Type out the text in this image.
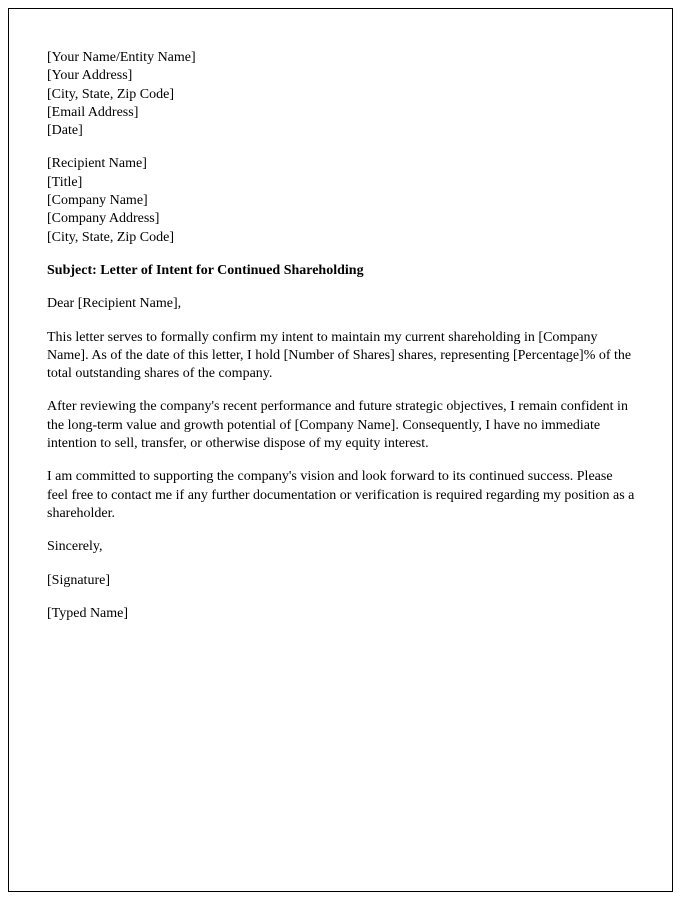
[Your Name/Entity Name]
[Your Address]
[City, State, Zip Code]
[Email Address]
[Date]
[Recipient Name]
[Title]
[Company Name]
[Company Address]
[City, State, Zip Code]
Subject: Letter of Intent for Continued Shareholding
Dear [Recipient Name],
This letter serves to formally confirm my intent to maintain my current shareholding in [Company Name]. As of the date of this letter, I hold [Number of Shares] shares, representing [Percentage]% of the total outstanding shares of the company.
After reviewing the company's recent performance and future strategic objectives, I remain confident in the long-term value and growth potential of [Company Name]. Consequently, I have no immediate intention to sell, transfer, or otherwise dispose of my equity interest.
I am committed to supporting the company's vision and look forward to its continued success. Please feel free to contact me if any further documentation or verification is required regarding my position as a shareholder.
Sincerely,
[Signature]
[Typed Name]
